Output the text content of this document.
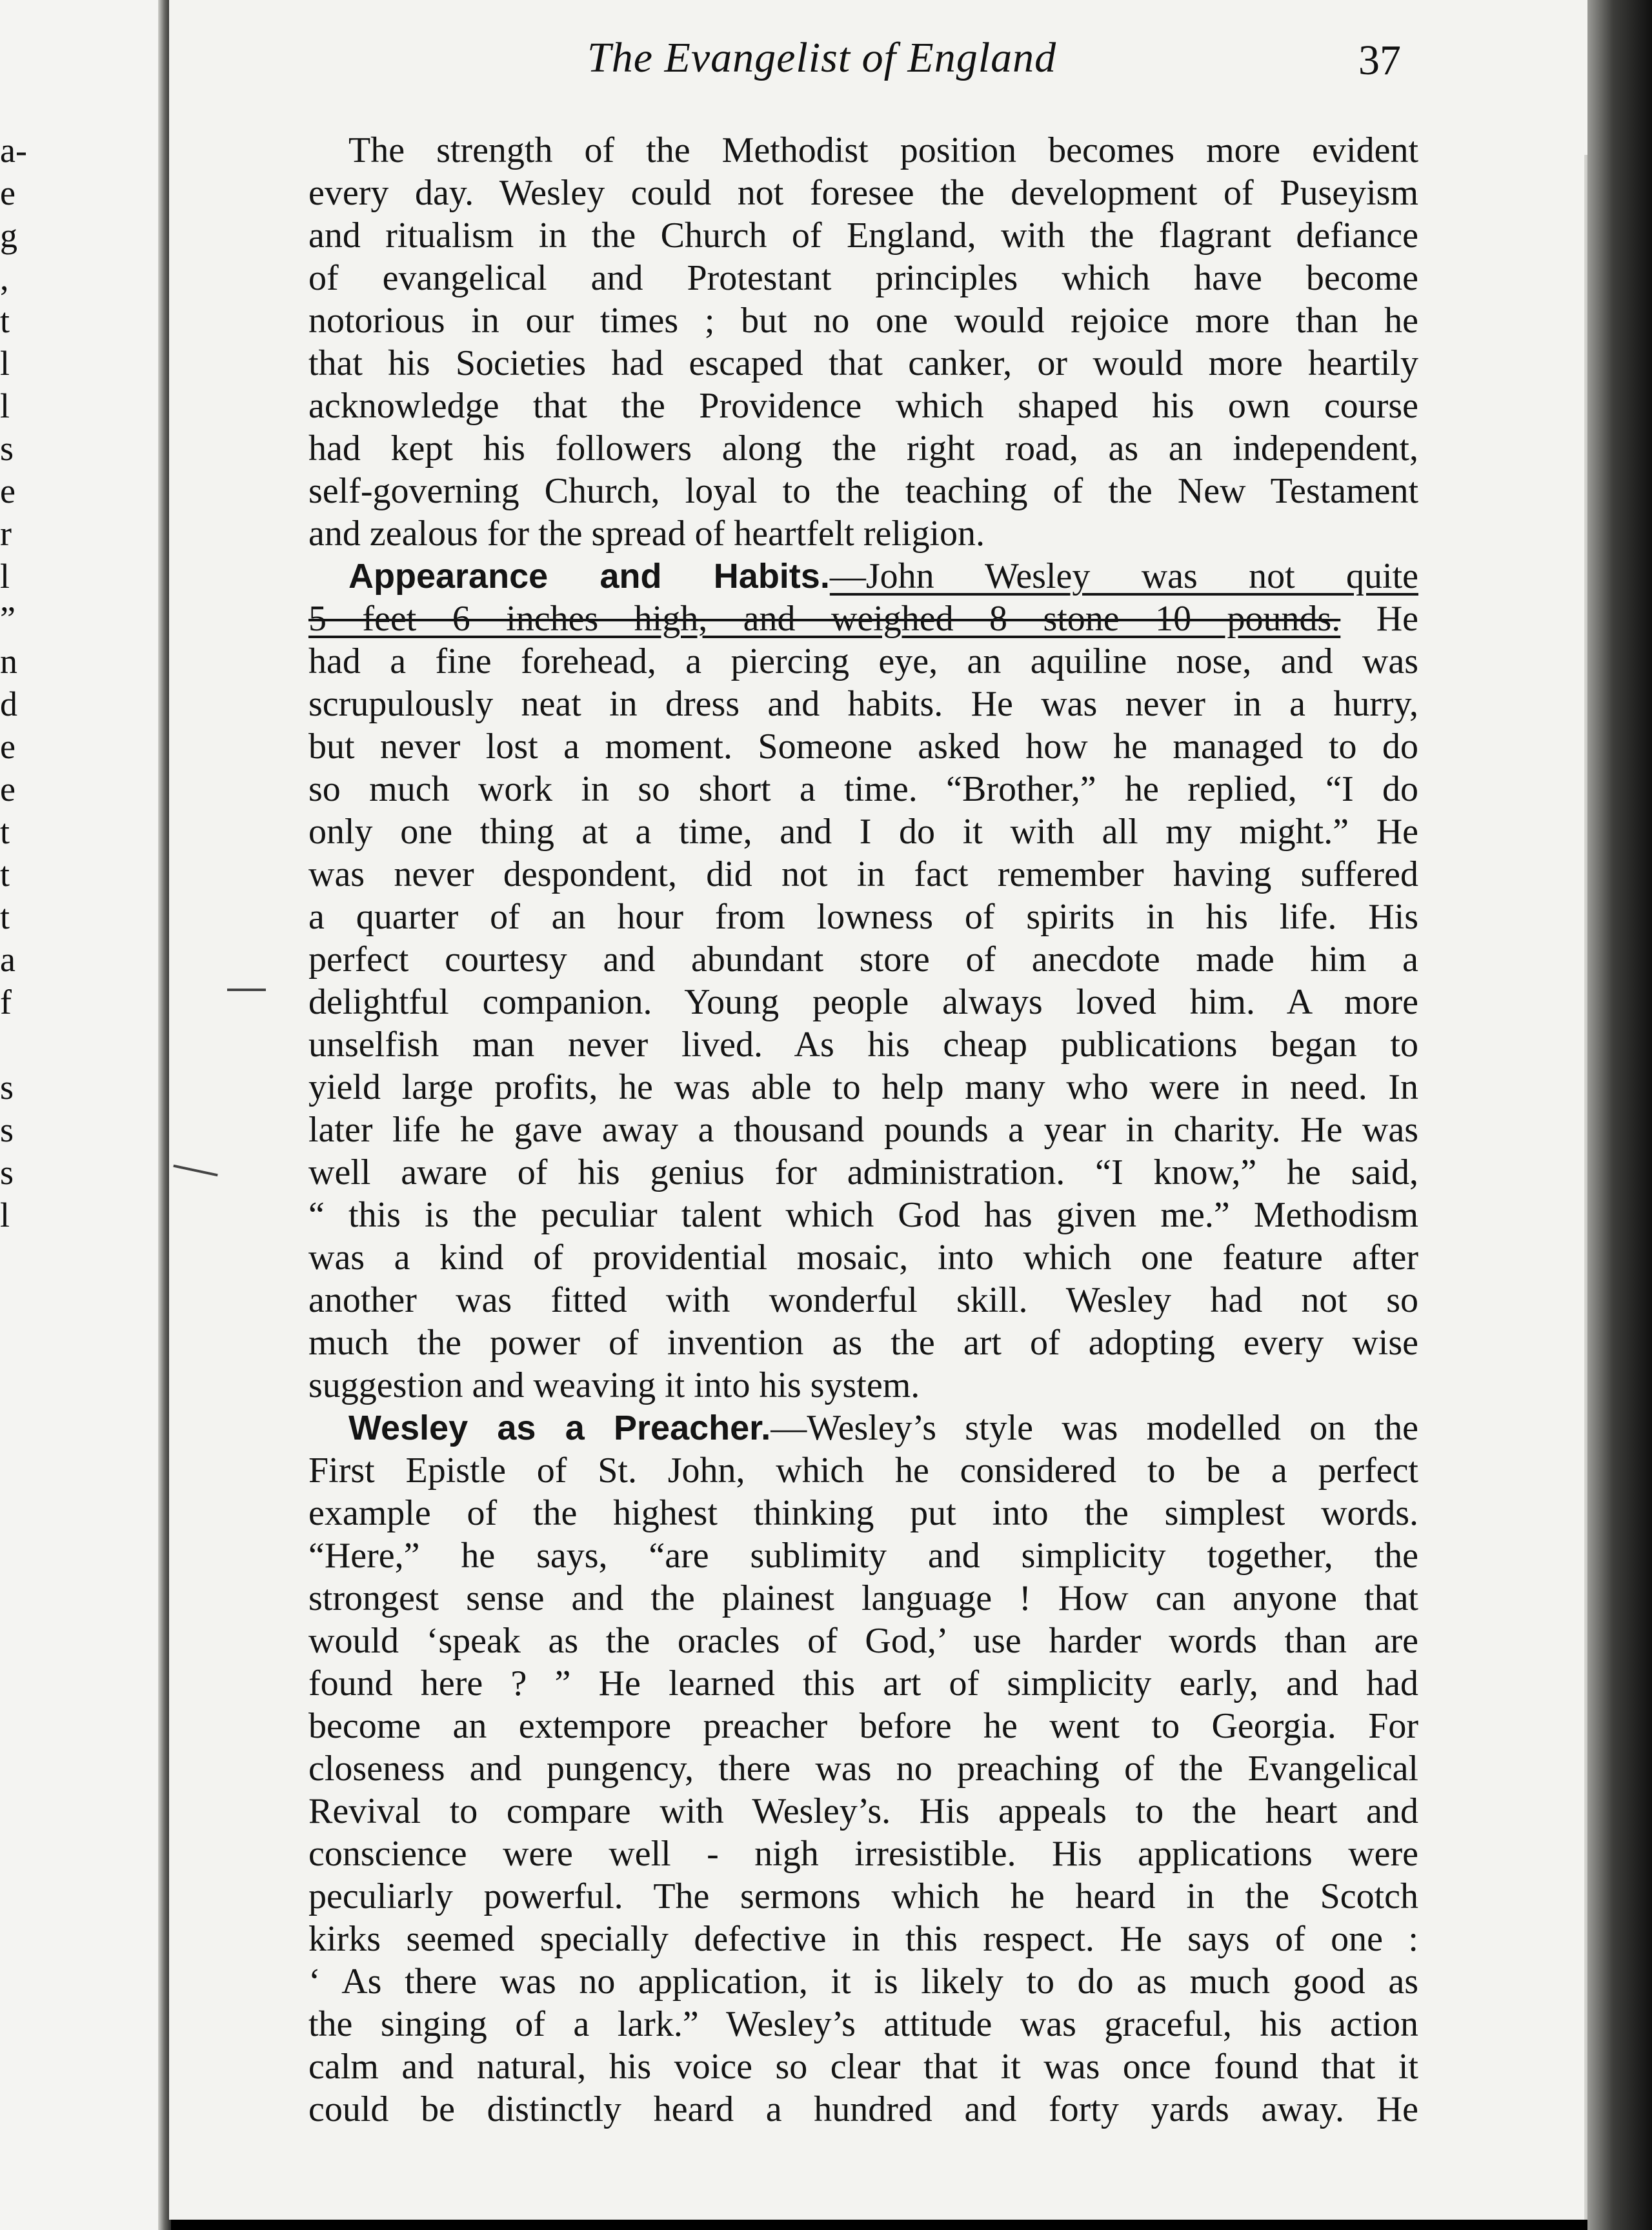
a-
e
g
,
t
l
l
s
e
r
l
”
n
d
e
e
t
t
t
a
f
s
s
s
l
The Evangelist of England	37
The strength of the Methodist position becomes more evident
every day. Wesley could not foresee the development of Puseyism
and ritualism in the Church of England, with the flagrant defiance
of evangelical and Protestant principles which have become
notorious in our times ; but no one would rejoice more than he
that his Societies had escaped that canker, or would more heartily
acknowledge that the Providence which shaped his own course
had kept his followers along the right road, as an independent,
self-governing Church, loyal to the teaching of the New Testament
and zealous for the spread of heartfelt religion.
Appearance and Habits.—John Wesley was not quite
5 feet 6 inches high, and weighed 8 stone 10 pounds. He
had a fine forehead, a piercing eye, an aquiline nose, and was
scrupulously neat in dress and habits. He was never in a hurry,
but never lost a moment. Someone asked how he managed to do
so much work in so short a time. “Brother,” he replied, “I do
only one thing at a time, and I do it with all my might.” He
was never despondent, did not in fact remember having suffered
a quarter of an hour from lowness of spirits in his life. His
perfect courtesy and abundant store of anecdote made him a
delightful companion. Young people always loved him. A more
unselfish man never lived. As his cheap publications began to
yield large profits, he was able to help many who were in need. In
later life he gave away a thousand pounds a year in charity. He was
well aware of his genius for administration. “I know,” he said,
“ this is the peculiar talent which God has given me.” Methodism
was a kind of providential mosaic, into which one feature after
another was fitted with wonderful skill. Wesley had not so
much the power of invention as the art of adopting every wise
suggestion and weaving it into his system.
Wesley as a Preacher.—Wesley’s style was modelled on the
First Epistle of St. John, which he considered to be a perfect
example of the highest thinking put into the simplest words.
“Here,” he says, “are sublimity and simplicity together, the
strongest sense and the plainest language ! How can anyone that
would ‘speak as the oracles of God,’ use harder words than are
found here ? ” He learned this art of simplicity early, and had
become an extempore preacher before he went to Georgia. For
closeness and pungency, there was no preaching of the Evangelical
Revival to compare with Wesley’s. His appeals to the heart and
conscience were well - nigh irresistible. His applications were
peculiarly powerful. The sermons which he heard in the Scotch
kirks seemed specially defective in this respect. He says of one :
‘ As there was no application, it is likely to do as much good as
the singing of a lark.” Wesley’s attitude was graceful, his action
calm and natural, his voice so clear that it was once found that it
could be distinctly heard a hundred and forty yards away. He
